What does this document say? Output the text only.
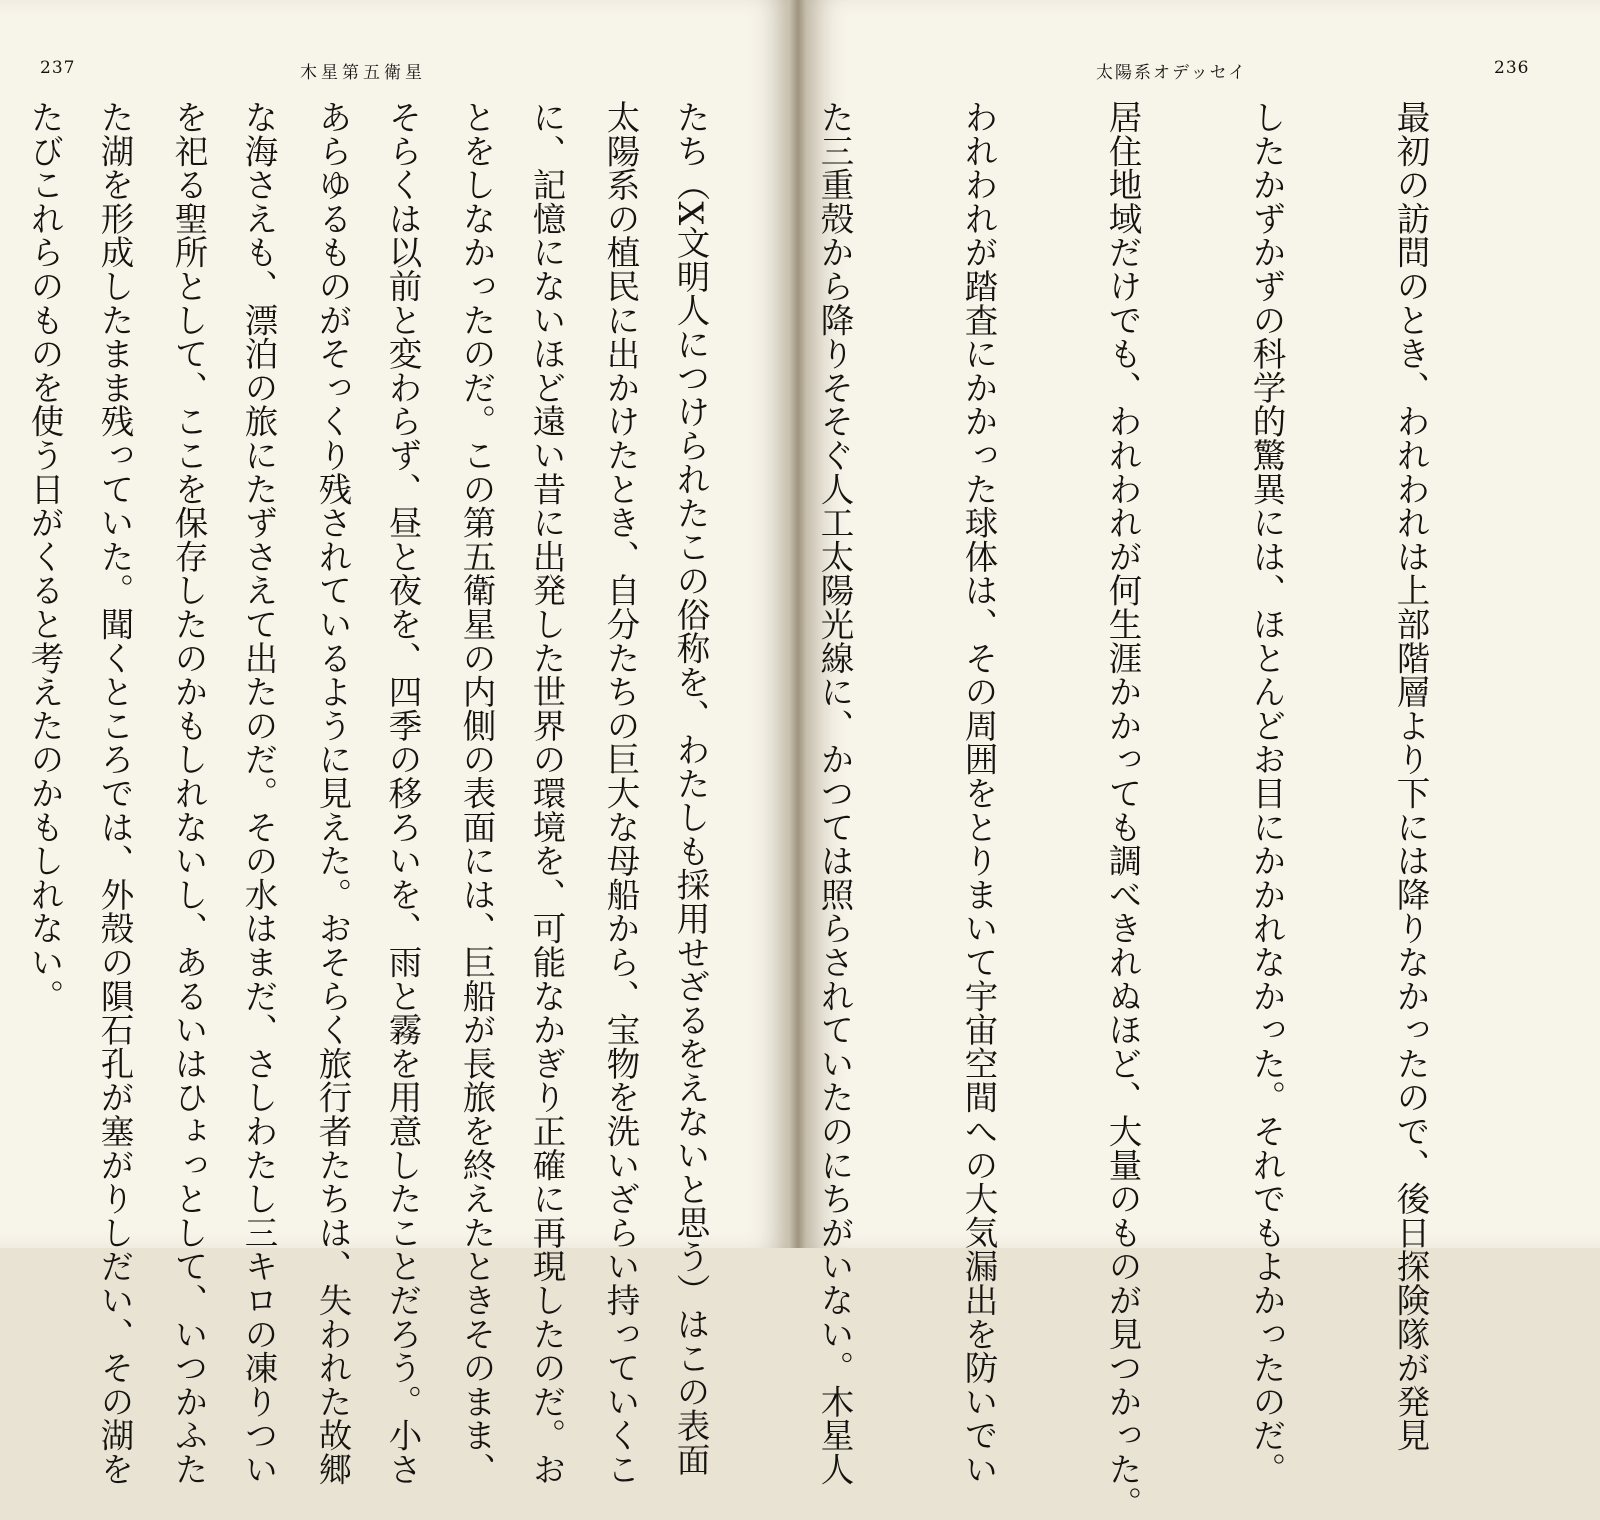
237	木星第五衛星

太陽系の植民に出かけたとき、自分たちの巨大な母船から、宝物を洗いざらい持っていくこ

とをしなかったのだ。この第五衛星の内側の表面には、巨船が長旅を終えたときそのまま、

あらゆるものがそっくり残されているように見えた。おそらく旅行者たちは、失われた故郷

を祀る聖所として、ここを保存したのかもしれないし、あるいはひょっとして、いつかふた

たびこれらのものを使う日がくると考えたのかもしれない。

太陽系オデッセイ	236

最初の訪問のとき、われわれは上部階層より下には降りなかったので、後日探険隊が発見

したかずかずの科学的驚異には、ほとんどお目にかかれなかった。それでもよかったのだ。

居住地域だけでも、われわれが何生涯かかっても調べきれぬほど、大量のものが見つかった。

われわれが踏査にかかった球体は、その周囲をとりまいて宇宙空間への大気漏出を防いでい

た三重殻から降りそそぐ人工太陽光線に、かつては照らされていたのにちがいない。木星人

たち（X文明人につけられたこの俗称を、わたしも採用せざるをえないと思う）はこの表面

に、記憶にないほど遠い昔に出発した世界の環境を、可能なかぎり正確に再現したのだ。お

そらくは以前と変わらず、昼と夜を、四季の移ろいを、雨と霧を用意したことだろう。小さ

な海さえも、漂泊の旅にたずさえて出たのだ。その水はまだ、さしわたし三キロの凍りつい

た湖を形成したまま残っていた。聞くところでは、外殻の隕石孔が塞がりしだい、その湖を
